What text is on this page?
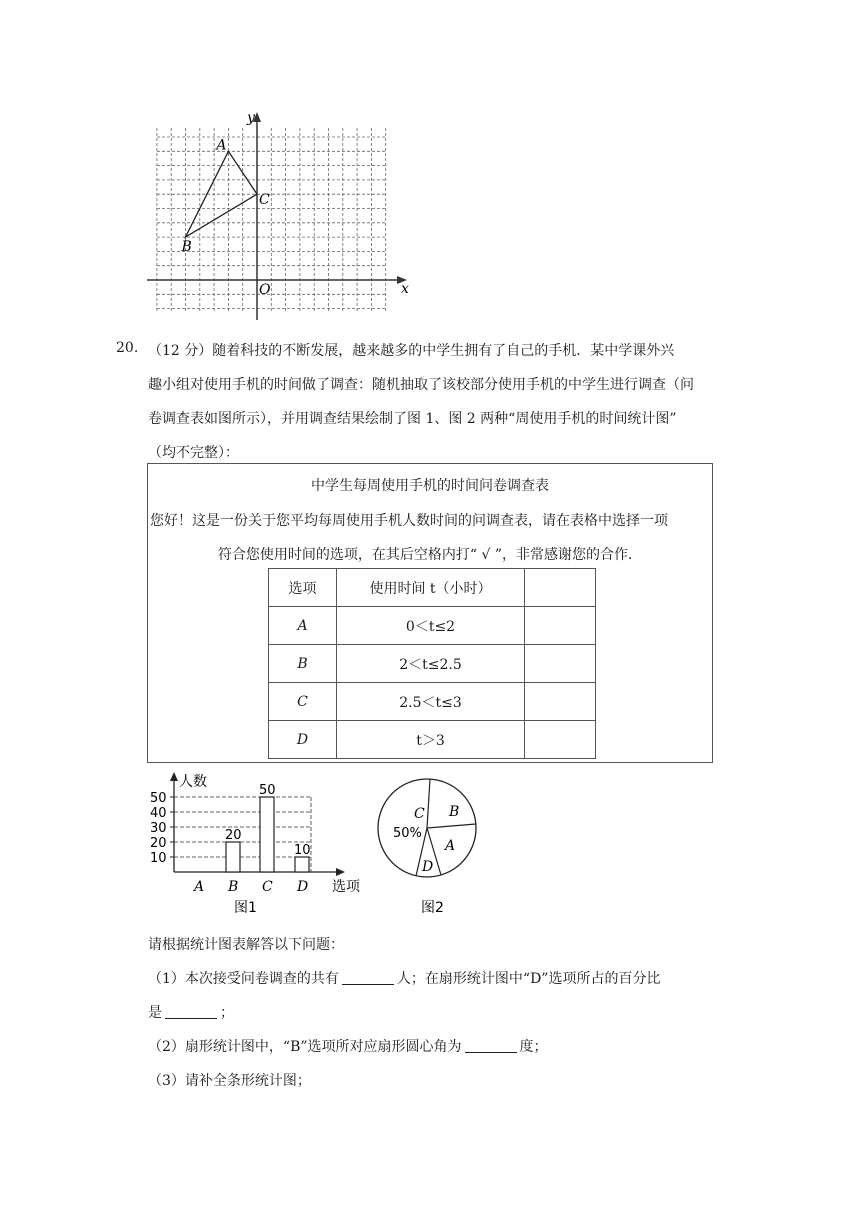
x
y
O
A
B
C
20. （12 分）随着科技的不断发展，越来越多的中学生拥有了自己的手机．某中学课外兴
趣小组对使用手机的时间做了调查：随机抽取了该校部分使用手机的中学生进行调查（问
卷调查表如图所示），并用调查结果绘制了图 1、图 2 两种“周使用手机的时间统计图”
（均不完整）：
中学生每周使用手机的时间问卷调查表
您好！这是一份关于您平均每周使用手机人数时间的问调查表，请在表格中选择一项
符合您使用时间的选项，在其后空格内打“ √ ”，非常感谢您的合作．
选项	使用时间 t（小时）	
A	0＜t≤2	
B	2＜t≤2.5	
C	2.5＜t≤3	
D	t＞3	
人数
选项
10
20
30
40
50
A
20
B
50
C
10
D
图1
C B
A
D
50%
图2
请根据统计图表解答以下问题：
（1）本次接受问卷调查的共有	人；在扇形统计图中“D”选项所占的百分比
是	；
（2）扇形统计图中，“B”选项所对应扇形圆心角为	度；
（3）请补全条形统计图；
